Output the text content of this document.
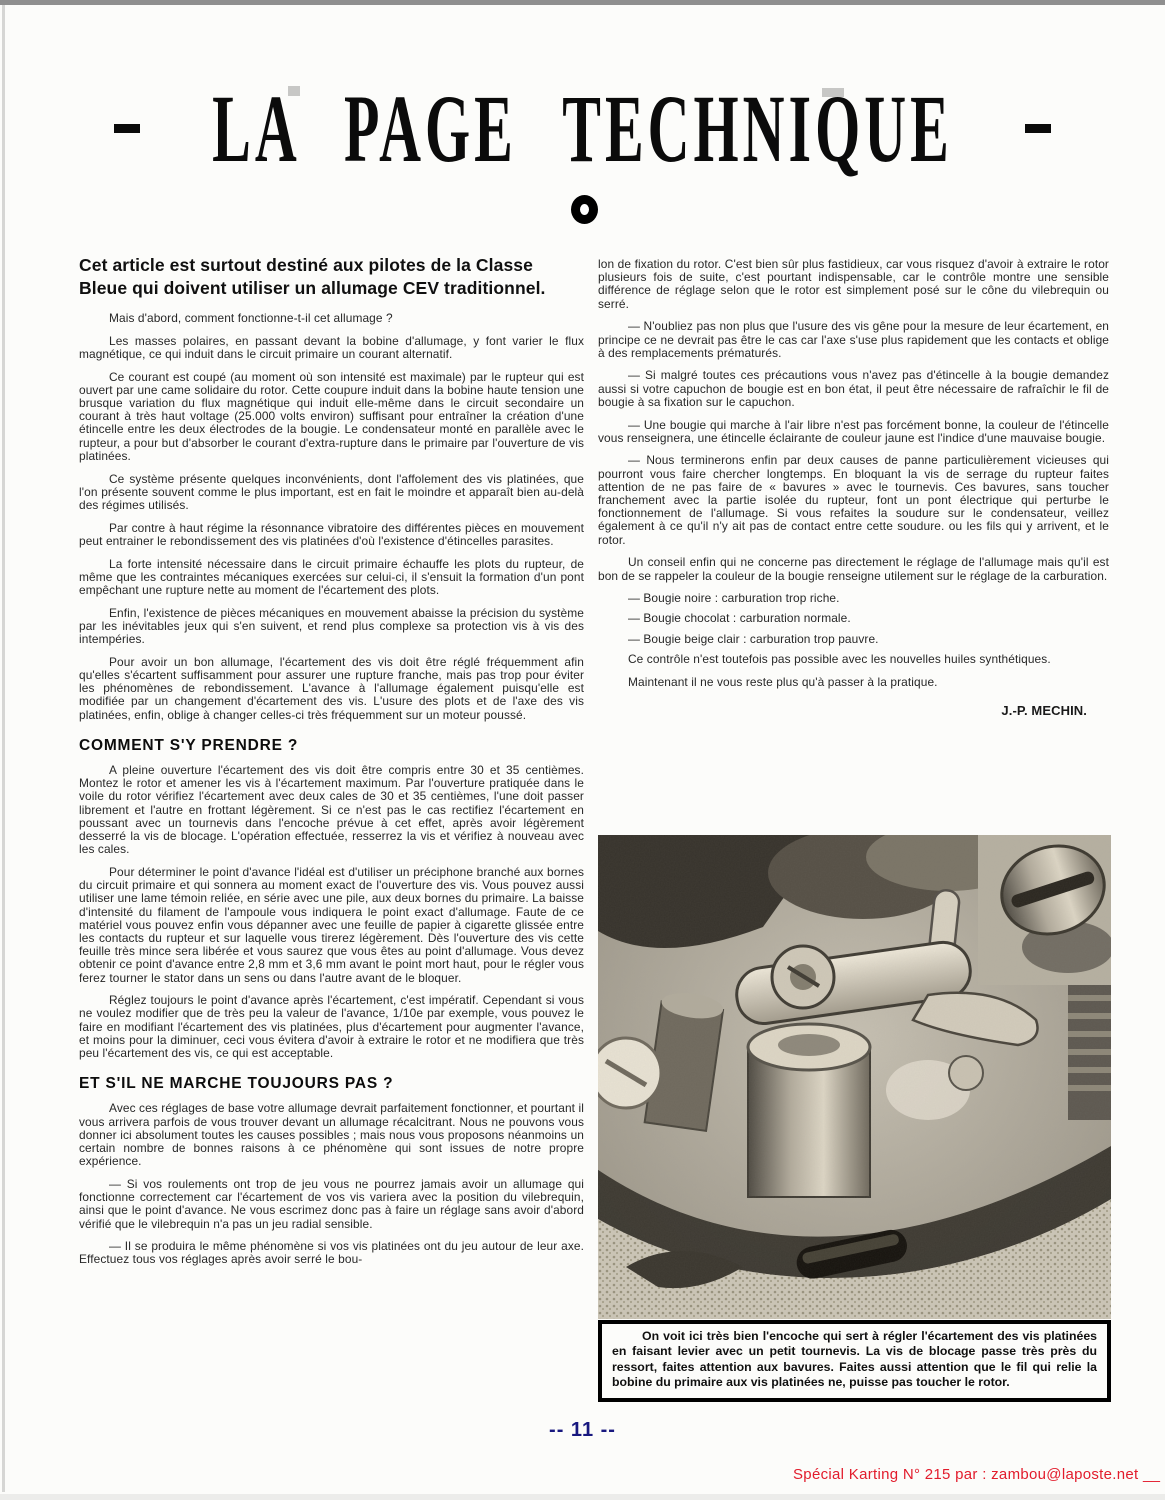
LA PAGE TECHNIQUE
Cet article est surtout destiné aux pilotes de la Classe Bleue qui doivent utiliser un allumage CEV traditionnel.

Mais d'abord, comment fonctionne-t-il cet allumage ?

Les masses polaires, en passant devant la bobine d'allumage, y font varier le flux magnétique, ce qui induit dans le circuit primaire un courant alternatif.

Ce courant est coupé (au moment où son intensité est maximale) par le rupteur qui est ouvert par une came solidaire du rotor. Cette coupure induit dans la bobine haute tension une brusque variation du flux magnétique qui induit elle-même dans le circuit secondaire un courant à très haut voltage (25.000 volts environ) suffisant pour entraîner la création d'une étincelle entre les deux électrodes de la bougie. Le condensateur monté en parallèle avec le rupteur, a pour but d'absorber le courant d'extra-rupture dans le primaire par l'ouverture de vis platinées.

Ce système présente quelques inconvénients, dont l'affolement des vis platinées, que l'on présente souvent comme le plus important, est en fait le moindre et apparaît bien au-delà des régimes utilisés.

Par contre à haut régime la résonnance vibratoire des différentes pièces en mouvement peut entrainer le rebondissement des vis platinées d'où l'existence d'étincelles parasites.

La forte intensité nécessaire dans le circuit primaire échauffe les plots du rupteur, de même que les contraintes mécaniques exercées sur celui-ci, il s'ensuit la formation d'un pont empêchant une rupture nette au moment de l'écartement des plots.

Enfin, l'existence de pièces mécaniques en mouvement abaisse la précision du système par les inévitables jeux qui s'en suivent, et rend plus complexe sa protection vis à vis des intempéries.

Pour avoir un bon allumage, l'écartement des vis doit être réglé fréquemment afin qu'elles s'écartent suffisamment pour assurer une rupture franche, mais pas trop pour éviter les phénomènes de rebondissement. L'avance à l'allumage également puisqu'elle est modifiée par un changement d'écartement des vis. L'usure des plots et de l'axe des vis platinées, enfin, oblige à changer celles-ci très fréquemment sur un moteur poussé.

COMMENT S'Y PRENDRE ?

A pleine ouverture l'écartement des vis doit être compris entre 30 et 35 centièmes. Montez le rotor et amener les vis à l'écartement maximum. Par l'ouverture pratiquée dans le voile du rotor vérifiez l'écartement avec deux cales de 30 et 35 centièmes, l'une doit passer librement et l'autre en frottant légèrement. Si ce n'est pas le cas rectifiez l'écartement en poussant avec un tournevis dans l'encoche prévue à cet effet, après avoir légèrement desserré la vis de blocage. L'opération effectuée, resserrez la vis et vérifiez à nouveau avec les cales.

Pour déterminer le point d'avance l'idéal est d'utiliser un préciphone branché aux bornes du circuit primaire et qui sonnera au moment exact de l'ouverture des vis. Vous pouvez aussi utiliser une lame témoin reliée, en série avec une pile, aux deux bornes du primaire. La baisse d'intensité du filament de l'ampoule vous indiquera le point exact d'allumage. Faute de ce matériel vous pouvez enfin vous dépanner avec une feuille de papier à cigarette glissée entre les contacts du rupteur et sur laquelle vous tirerez légèrement. Dès l'ouverture des vis cette feuille très mince sera libérée et vous saurez que vous êtes au point d'allumage. Vous devez obtenir ce point d'avance entre 2,8 mm et 3,6 mm avant le point mort haut, pour le régler vous ferez tourner le stator dans un sens ou dans l'autre avant de le bloquer.

Réglez toujours le point d'avance après l'écartement, c'est impératif. Cependant si vous ne voulez modifier que de très peu la valeur de l'avance, 1/10e par exemple, vous pouvez le faire en modifiant l'écartement des vis platinées, plus d'écartement pour augmenter l'avance, et moins pour la diminuer, ceci vous évitera d'avoir à extraire le rotor et ne modifiera que très peu l'écartement des vis, ce qui est acceptable.

ET S'IL NE MARCHE TOUJOURS PAS ?

Avec ces réglages de base votre allumage devrait parfaitement fonctionner, et pourtant il vous arrivera parfois de vous trouver devant un allumage récalcitrant. Nous ne pouvons vous donner ici absolument toutes les causes possibles ; mais nous vous proposons néanmoins un certain nombre de bonnes raisons à ce phénomène qui sont issues de notre propre expérience.

— Si vos roulements ont trop de jeu vous ne pourrez jamais avoir un allumage qui fonctionne correctement car l'écartement de vos vis variera avec la position du vilebrequin, ainsi que le point d'avance. Ne vous escrimez donc pas à faire un réglage sans avoir d'abord vérifié que le vilebrequin n'a pas un jeu radial sensible.

— Il se produira le même phénomène si vos vis platinées ont du jeu autour de leur axe. Effectuez tous vos réglages après avoir serré le bou-

lon de fixation du rotor. C'est bien sûr plus fastidieux, car vous risquez d'avoir à extraire le rotor plusieurs fois de suite, c'est pourtant indispensable, car le contrôle montre une sensible différence de réglage selon que le rotor est simplement posé sur le cône du vilebrequin ou serré.

— N'oubliez pas non plus que l'usure des vis gêne pour la mesure de leur écartement, en principe ce ne devrait pas être le cas car l'axe s'use plus rapidement que les contacts et oblige à des remplacements prématurés.

— Si malgré toutes ces précautions vous n'avez pas d'étincelle à la bougie demandez aussi si votre capuchon de bougie est en bon état, il peut être nécessaire de rafraîchir le fil de bougie à sa fixation sur le capuchon.

— Une bougie qui marche à l'air libre n'est pas forcément bonne, la couleur de l'étincelle vous renseignera, une étincelle éclairante de couleur jaune est l'indice d'une mauvaise bougie.

— Nous terminerons enfin par deux causes de panne particulièrement vicieuses qui pourront vous faire chercher longtemps. En bloquant la vis de serrage du rupteur faites attention de ne pas faire de « bavures » avec le tournevis. Ces bavures, sans toucher franchement avec la partie isolée du rupteur, font un pont électrique qui perturbe le fonctionnement de l'allumage. Si vous refaites la soudure sur le condensateur, veillez également à ce qu'il n'y ait pas de contact entre cette soudure. ou les fils qui y arrivent, et le rotor.

Un conseil enfin qui ne concerne pas directement le réglage de l'allumage mais qu'il est bon de se rappeler la couleur de la bougie renseigne utilement sur le réglage de la carburation.

— Bougie noire : carburation trop riche.

— Bougie chocolat : carburation normale.

— Bougie beige clair : carburation trop pauvre.

Ce contrôle n'est toutefois pas possible avec les nouvelles huiles synthétiques.

Maintenant il ne vous reste plus qu'à passer à la pratique.

J.-P. MECHIN.

On voit ici très bien l'encoche qui sert à régler l'écartement des vis platinées en faisant levier avec un petit tournevis. La vis de blocage passe très près du ressort, faites attention aux bavures. Faites aussi attention que le fil qui relie la bobine du primaire aux vis platinées ne, puisse pas toucher le rotor.

-- 11 --
Spécial Karting N° 215 par : zambou@laposte.net __
